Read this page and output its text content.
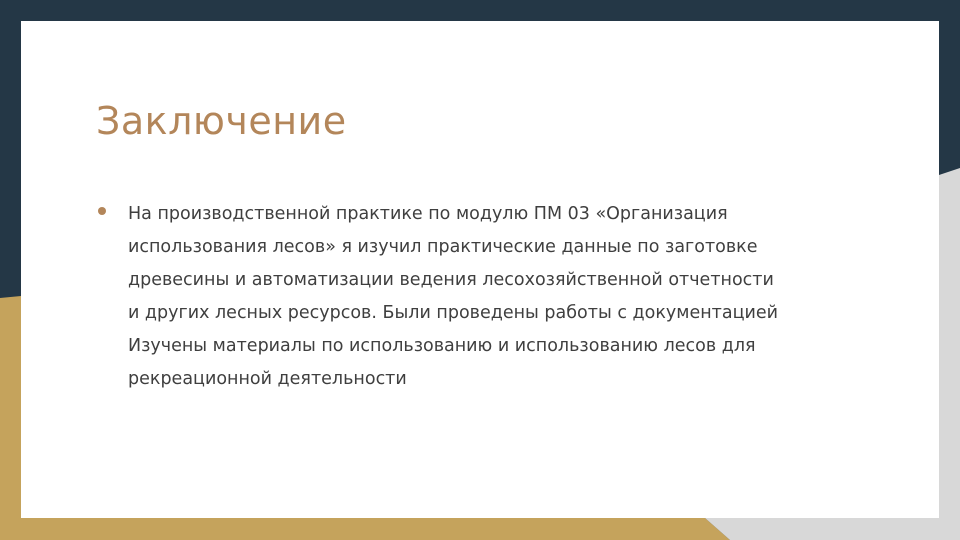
Заключение
На производственной практике по модулю ПМ 03 «Организация
использования лесов» я изучил практические данные по заготовке
древесины и автоматизации ведения лесохозяйственной отчетности
и других лесных ресурсов. Были проведены работы с документацией
Изучены материалы по использованию и использованию лесов для
рекреационной деятельности
